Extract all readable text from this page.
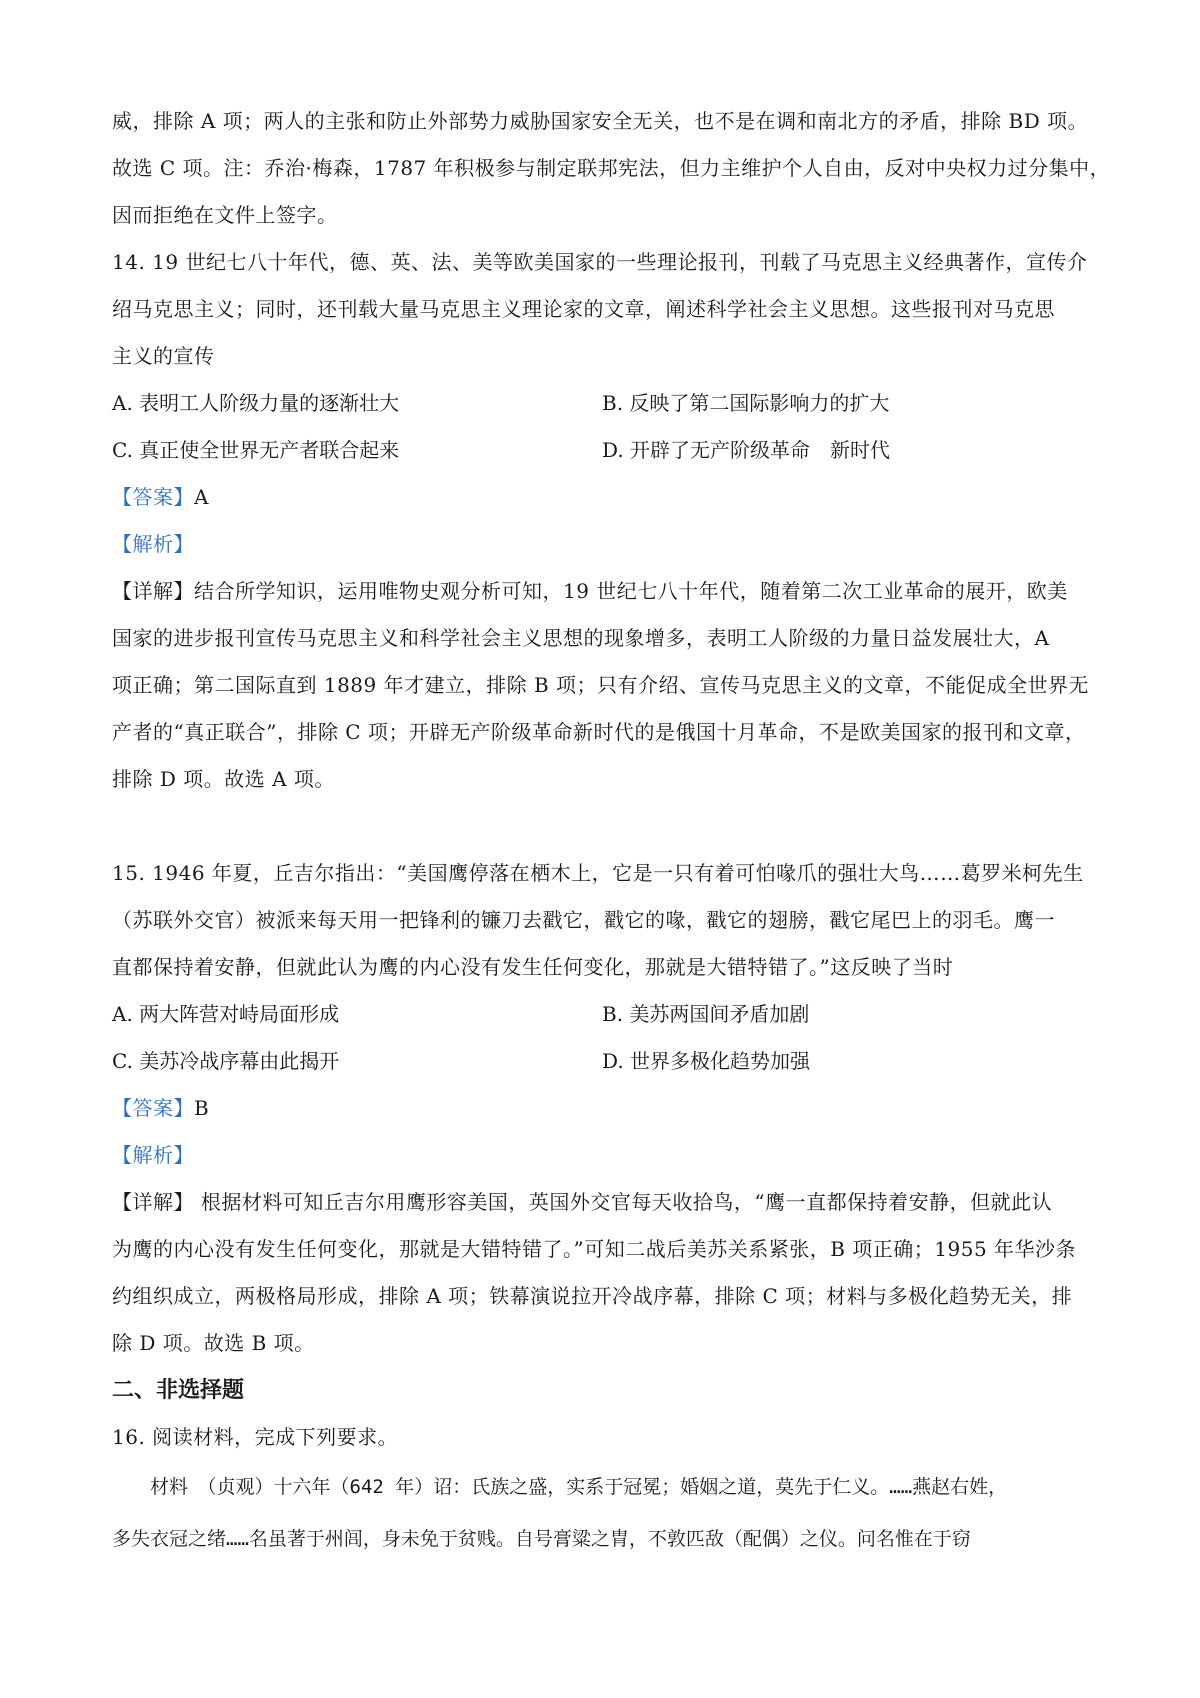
威，排除 A 项；两人的主张和防止外部势力威胁国家安全无关，也不是在调和南北方的矛盾，排除 BD 项。

故选 C 项。注：乔治·梅森，1787 年积极参与制定联邦宪法，但力主维护个人自由，反对中央权力过分集中，

因而拒绝在文件上签字。

14. 19 世纪七八十年代，德、英、法、美等欧美国家的一些理论报刊，刊载了马克思主义经典著作，宣传介

绍马克思主义；同时，还刊载大量马克思主义理论家的文章，阐述科学社会主义思想。这些报刊对马克思

主义的宣传

A. 表明工人阶级力量的逐渐壮大	B. 反映了第二国际影响力的扩大
C. 真正使全世界无产者联合起来	D. 开辟了无产阶级革命　新时代

【答案】A

【解析】

【详解】结合所学知识，运用唯物史观分析可知，19 世纪七八十年代，随着第二次工业革命的展开，欧美

国家的进步报刊宣传马克思主义和科学社会主义思想的现象增多，表明工人阶级的力量日益发展壮大，A

项正确；第二国际直到 1889 年才建立，排除 B 项；只有介绍、宣传马克思主义的文章，不能促成全世界无

产者的“真正联合”，排除 C 项；开辟无产阶级革命新时代的是俄国十月革命，不是欧美国家的报刊和文章，

排除 D 项。故选 A 项。

15. 1946 年夏，丘吉尔指出：“美国鹰停落在栖木上，它是一只有着可怕喙爪的强壮大鸟……葛罗米柯先生

（苏联外交官）被派来每天用一把锋利的镰刀去戳它，戳它的喙，戳它的翅膀，戳它尾巴上的羽毛。鹰一

直都保持着安静，但就此认为鹰的内心没有发生任何变化，那就是大错特错了。”这反映了当时

A. 两大阵营对峙局面形成	B. 美苏两国间矛盾加剧
C. 美苏冷战序幕由此揭开	D. 世界多极化趋势加强

【答案】B

【解析】

【详解】 根据材料可知丘吉尔用鹰形容美国，英国外交官每天收拾鸟，“鹰一直都保持着安静，但就此认

为鹰的内心没有发生任何变化，那就是大错特错了。”可知二战后美苏关系紧张，B 项正确；1955 年华沙条

约组织成立，两极格局形成，排除 A 项；铁幕演说拉开冷战序幕，排除 C 项；材料与多极化趋势无关，排

除 D 项。故选 B 项。

二、非选择题

16. 阅读材料，完成下列要求。

　　材料　（贞观）十六年（642 年）诏：氏族之盛，实系于冠冕；婚姻之道，莫先于仁义。……燕赵右姓，

多失衣冠之绪……名虽著于州闾，身未免于贫贱。自号膏粱之胄，不敦匹敌（配偶）之仪。问名惟在于窃
